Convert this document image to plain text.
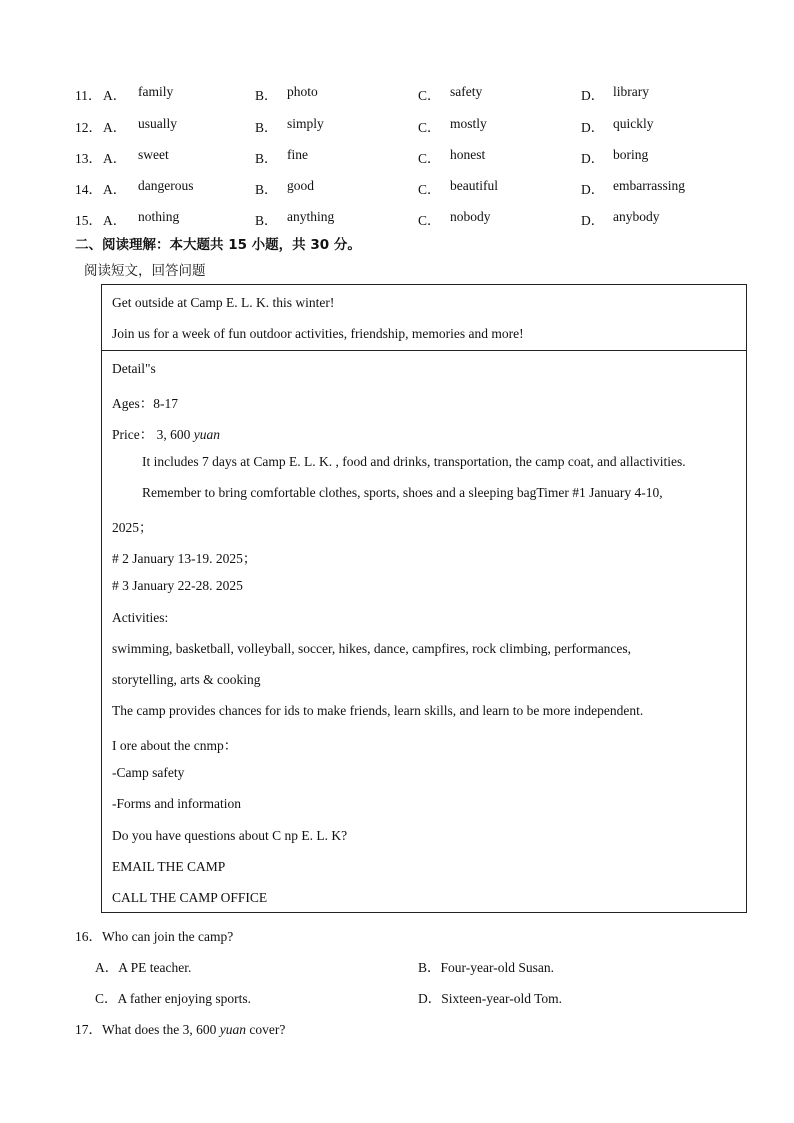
11． A． family	B． photo	C． safety	D． library
12． A． usually	B． simply	C． mostly	D． quickly
13． A． sweet	B． fine	C． honest	D． boring
14． A． dangerous	B． good	C． beautiful	D． embarrassing
15． A． nothing	B． anything	C． nobody	D． anybody
二、阅读理解：本大题共 15 小题，共 30 分。
阅读短文，回答问题
Get outside at Camp E. L. K. this winter!
Join us for a week of fun outdoor activities, friendship, memories and more!
Detail"s
Ages：8-17
Price： 3, 600 yuan
It includes 7 days at Camp E. L. K. , food and drinks, transportation, the camp coat, and allactivities.
Remember to bring comfortable clothes, sports, shoes and a sleeping bagTimer #1 January 4-10,
2025；
# 2 January 13-19. 2025；
# 3 January 22-28. 2025
Activities:
swimming, basketball, volleyball, soccer, hikes, dance, campfires, rock climbing, performances,
storytelling, arts & cooking
The camp provides chances for ids to make friends, learn skills, and learn to be more independent.
I ore about the cnmp：
-Camp safety
-Forms and information
Do you have questions about C np E. L. K?
EMAIL THE CAMP
CALL THE CAMP OFFICE
16．Who can join the camp?
A．A PE teacher.	B．Four-year-old Susan.
C．A father enjoying sports.	D．Sixteen-year-old Tom.
17．What does the 3, 600 yuan cover?
